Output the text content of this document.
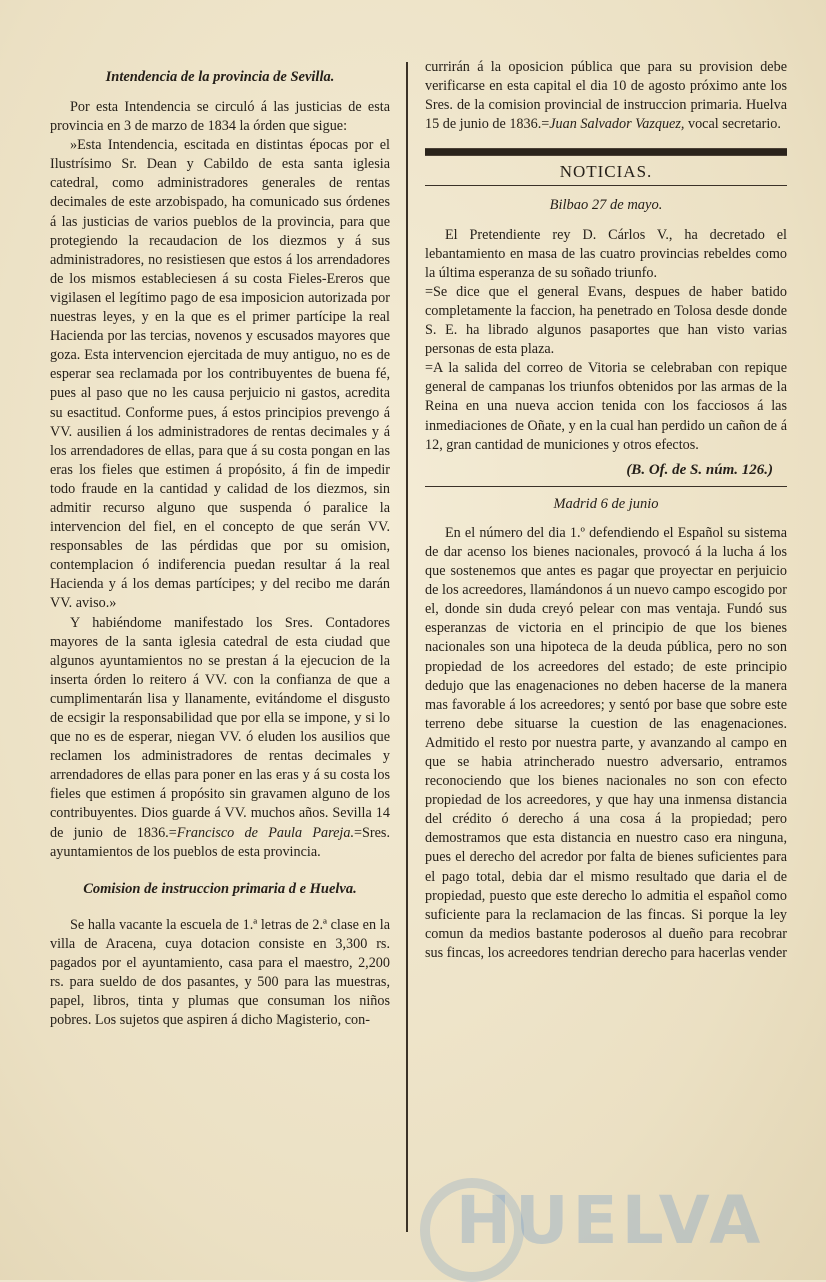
Intendencia de la provincia de Sevilla.

Por esta Intendencia se circuló á las justicias de esta provincia en 3 de marzo de 1834 la órden que sigue:

»Esta Intendencia, escitada en distintas épocas por el Ilustrísimo Sr. Dean y Cabildo de esta santa iglesia catedral, como administradores generales de rentas decimales de este arzobispado, ha comunicado sus órdenes á las justicias de varios pueblos de la provincia, para que protegiendo la recaudacion de los diezmos y á sus administradores, no resistiesen que estos á los arrendadores de los mismos estableciesen á su costa Fieles-Ereros que vigilasen el legítimo pago de esa imposicion autorizada por nuestras leyes, y en la que es el primer partícipe la real Hacienda por las tercias, novenos y escusados mayores que goza. Esta intervencion ejercitada de muy antiguo, no es de esperar sea reclamada por los contribuyentes de buena fé, pues al paso que no les causa perjuicio ni gastos, acredita su esactitud. Conforme pues, á estos principios prevengo á VV. ausilien á los administradores de rentas decimales y á los arrendadores de ellas, para que á su costa pongan en las eras los fieles que estimen á propósito, á fin de impedir todo fraude en la cantidad y calidad de los diezmos, sin admitir recurso alguno que suspenda ó paralice la intervencion del fiel, en el concepto de que serán VV. responsables de las pérdidas que por su omision, contemplacion ó indiferencia puedan resultar á la real Hacienda y á los demas partícipes; y del recibo me darán VV. aviso.»

Y habiéndome manifestado los Sres. Contadores mayores de la santa iglesia catedral de esta ciudad que algunos ayuntamientos no se prestan á la ejecucion de la inserta órden lo reitero á VV. con la confianza de que a cumplimentarán lisa y llanamente, evitándome el disgusto de ecsigir la responsabilidad que por ella se impone, y si lo que no es de esperar, niegan VV. ó eluden los ausilios que reclamen los administradores de rentas decimales y arrendadores de ellas para poner en las eras y á su costa los fieles que estimen á propósito sin gravamen alguno de los contribuyentes. Dios guarde á VV. muchos años. Sevilla 14 de junio de 1836.=Francisco de Paula Pareja.=Sres. ayuntamientos de los pueblos de esta provincia.

Comision de instruccion primaria d e Huelva.

Se halla vacante la escuela de 1.ª letras de 2.ª clase en la villa de Aracena, cuya dotacion consiste en 3,300 rs. pagados por el ayuntamiento, casa para el maestro, 2,200 rs. para sueldo de dos pasantes, y 500 para las muestras, papel, libros, tinta y plumas que consuman los niños pobres. Los sujetos que aspiren á dicho Magisterio, con-

currirán á la oposicion pública que para su provision debe verificarse en esta capital el dia 10 de agosto próximo ante los Sres. de la comision provincial de instruccion primaria. Huelva 15 de junio de 1836.=Juan Salvador Vazquez, vocal secretario.

NOTICIAS.

Bilbao 27 de mayo.

El Pretendiente rey D. Cárlos V., ha decretado el lebantamiento en masa de las cuatro provincias rebeldes como la última esperanza de su soñado triunfo.

=Se dice que el general Evans, despues de haber batido completamente la faccion, ha penetrado en Tolosa desde donde S. E. ha librado algunos pasaportes que han visto varias personas de esta plaza.

=A la salida del correo de Vitoria se celebraban con repique general de campanas los triunfos obtenidos por las armas de la Reina en una nueva accion tenida con los facciosos á las inmediaciones de Oñate, y en la cual han perdido un cañon de á 12, gran cantidad de municiones y otros efectos.

(B. Of. de S. núm. 126.)

Madrid 6 de junio

En el número del dia 1.º defendiendo el Español su sistema de dar acenso los bienes nacionales, provocó á la lucha á los que sostenemos que antes es pagar que proyectar en perjuicio de los acreedores, llamándonos á un nuevo campo escogido por el, donde sin duda creyó pelear con mas ventaja. Fundó sus esperanzas de victoria en el principio de que los bienes nacionales son una hipoteca de la deuda pública, pero no son propiedad de los acreedores del estado; de este principio dedujo que las enagenaciones no deben hacerse de la manera mas favorable á los acreedores; y sentó por base que sobre este terreno debe situarse la cuestion de las enagenaciones. Admitido el resto por nuestra parte, y avanzando al campo en que se habia atrincherado nuestro adversario, entramos reconociendo que los bienes nacionales no son con efecto propiedad de los acreedores, y que hay una inmensa distancia del crédito ó derecho á una cosa á la propiedad; pero demostramos que esta distancia en nuestro caso era ninguna, pues el derecho del acredor por falta de bienes suficientes para el pago total, debia dar el mismo resultado que daria el de propiedad, puesto que este derecho lo admitia el español como suficiente para la reclamacion de las fincas. Si porque la ley comun da medios bastante poderosos al dueño para recobrar sus fincas, los acreedores tendrian derecho para hacerlas vender

HUELVA
